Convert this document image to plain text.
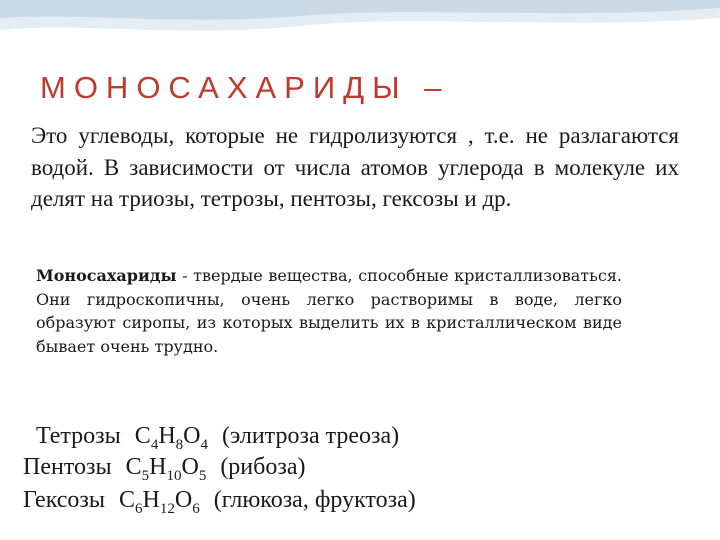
МОНОСАХАРИДЫ –
Это углеводы, которые не гидролизуются , т.е. не разлагаются водой. В зависимости от числа атомов углерода в молекуле их делят на триозы, тетрозы, пентозы, гексозы и др.
Моносахариды - твердые вещества, способные кристаллизоваться. Они гидроскопичны, очень легко растворимы в воде, легко образуют сиропы, из которых выделить их в кристаллическом виде бывает очень трудно.
Тетрозы $C_4H_8O_4$ (элитроза треоза)
Пентозы $C_5H_{10}O_5$ (рибоза)
Гексозы $C_6H_{12}O_6$ (глюкоза, фруктоза)
